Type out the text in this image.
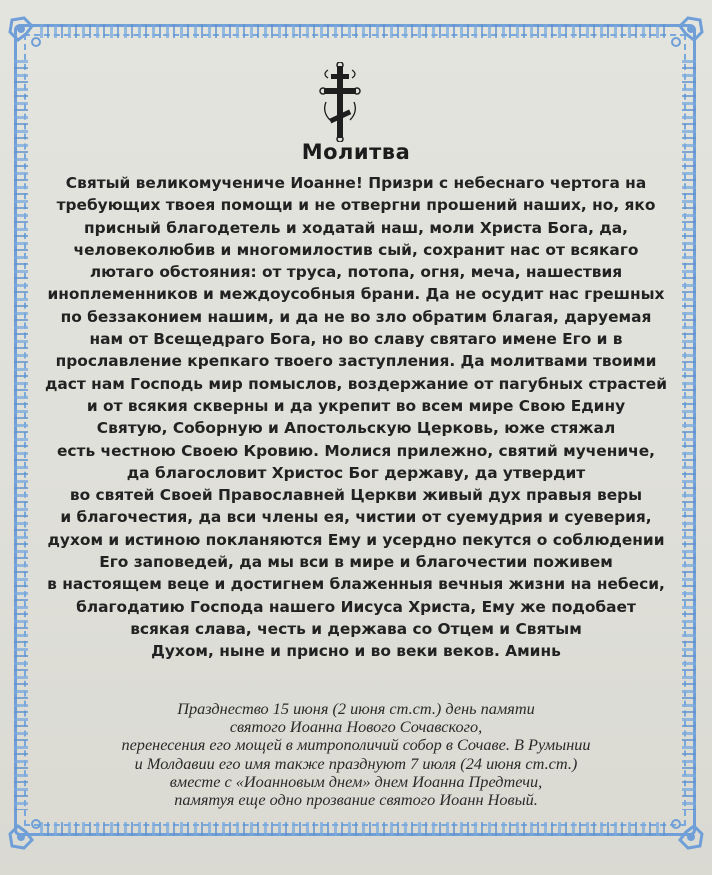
Молитва
Святый великомучениче Иоанне! Призри с небеснаго чертога на
требующих твоея помощи и не отвергни прошений наших, но, яко
присный благодетель и ходатай наш, моли Христа Бога, да,
человеколюбив и многомилостив сый, сохранит нас от всякаго
лютаго обстояния: от труса, потопа, огня, меча, нашествия
иноплеменников и междоусобныя брани. Да не осудит нас грешных
по беззаконием нашим, и да не во зло обратим благая, даруемая
нам от Всещедраго Бога, но во славу святаго имене Его и в
прославление крепкаго твоего заступления. Да молитвами твоими
даст нам Господь мир помыслов, воздержание от пагубных страстей
и от всякия скверны и да укрепит во всем мире Свою Едину
Святую, Соборную и Апостольскую Церковь, юже стяжал
есть честною Своею Кровию. Молися прилежно, святий мучениче,
да благословит Христос Бог державу, да утвердит
во святей Своей Православней Церкви живый дух правыя веры
и благочестия, да вси члены ея, чистии от суемудрия и суеверия,
духом и истиною покланяются Ему и усердно пекутся о соблюдении
Его заповедей, да мы вси в мире и благочестии поживем
в настоящем веце и достигнем блаженныя вечныя жизни на небеси,
благодатию Господа нашего Иисуса Христа, Ему же подобает
всякая слава, честь и держава со Отцем и Святым
Духом, ныне и присно и во веки веков. Аминь
Празднество 15 июня (2 июня ст.ст.) день памяти
святого Иоанна Нового Сочавского,
перенесения его мощей в митрополичий собор в Сочаве. В Румынии
и Молдавии его имя также празднуют 7 июля (24 июня ст.ст.)
вместе с «Иоанновым днем» днем Иоанна Предтечи,
памятуя еще одно прозвание святого Иоанн Новый.
